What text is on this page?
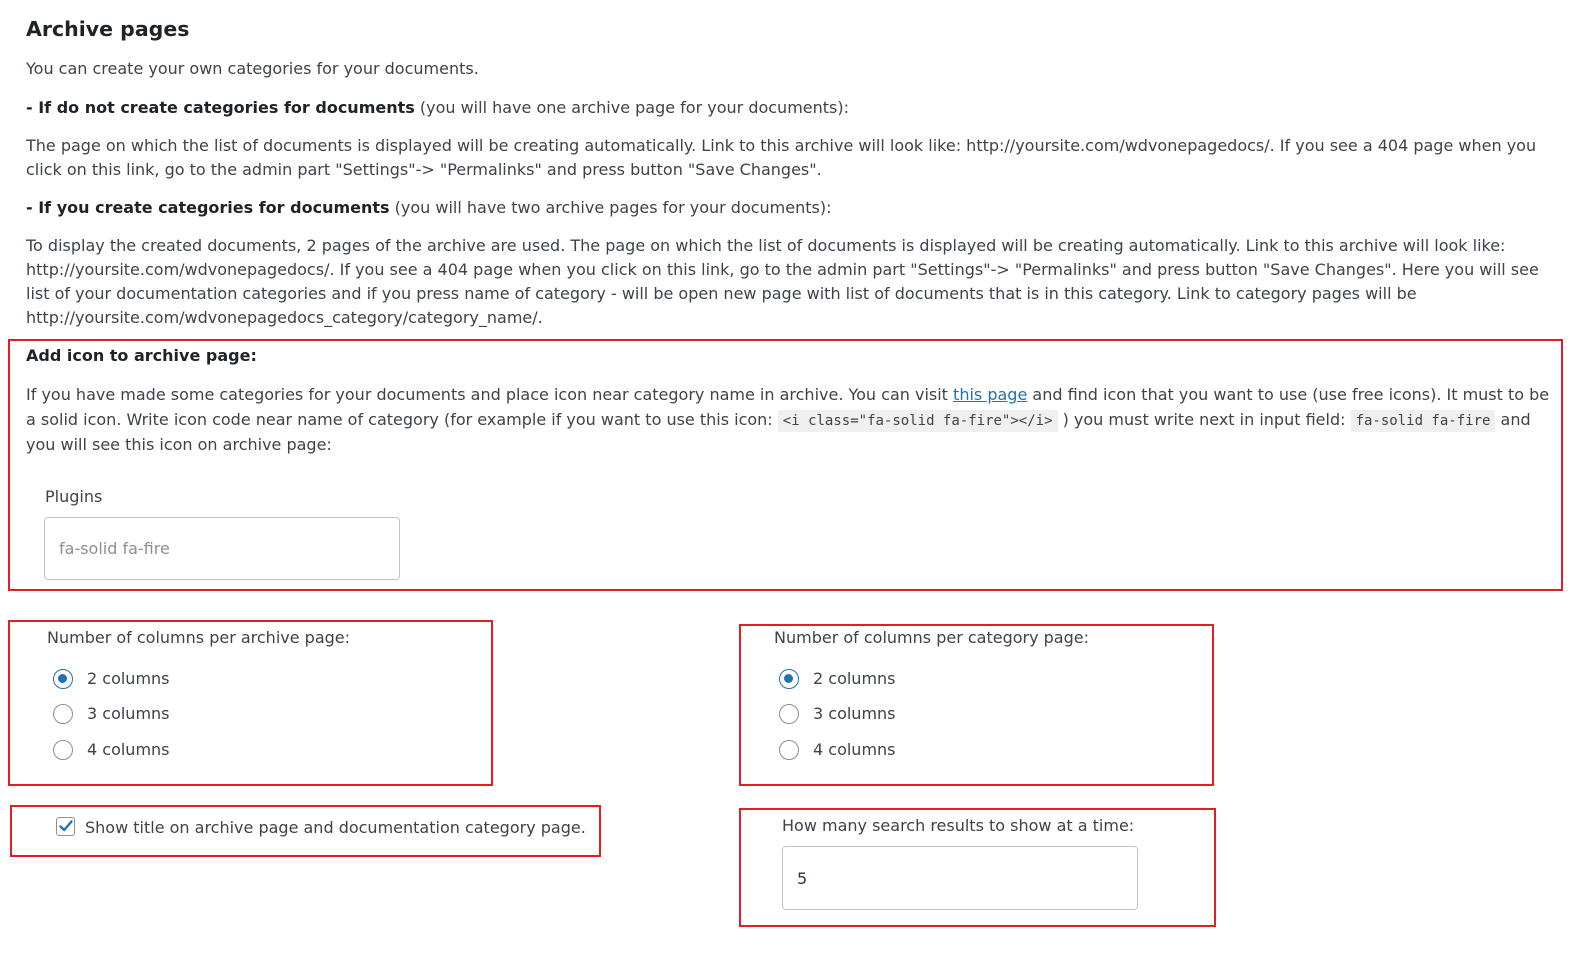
Archive pages

You can create your own categories for your documents.

- If do not create categories for documents (you will have one archive page for your documents):

The page on which the list of documents is displayed will be creating automatically. Link to this archive will look like: http://yoursite.com/wdvonepagedocs/. If you see a 404 page when you click on this link, go to the admin part "Settings"-> "Permalinks" and press button "Save Changes".

- If you create categories for documents (you will have two archive pages for your documents):

To display the created documents, 2 pages of the archive are used. The page on which the list of documents is displayed will be creating automatically. Link to this archive will look like: http://yoursite.com/wdvonepagedocs/. If you see a 404 page when you click on this link, go to the admin part "Settings"-> "Permalinks" and press button "Save Changes". Here you will see list of your documentation categories and if you press name of category - will be open new page with list of documents that is in this category. Link to category pages will be http://yoursite.com/wdvonepagedocs_category/category_name/.

Add icon to archive page:

If you have made some categories for your documents and place icon near category name in archive. You can visit this page and find icon that you want to use (use free icons). It must to be a solid icon. Write icon code near name of category (for example if you want to use this icon: <i class="fa-solid fa-fire"></i> ) you must write next in input field: fa-solid fa-fire and you will see this icon on archive page:

Plugins
fa-solid fa-fire
Number of columns per archive page:
2 columns
3 columns
4 columns
Number of columns per category page:
2 columns
3 columns
4 columns
Show title on archive page and documentation category page.	How many search results to show at a time:
5
